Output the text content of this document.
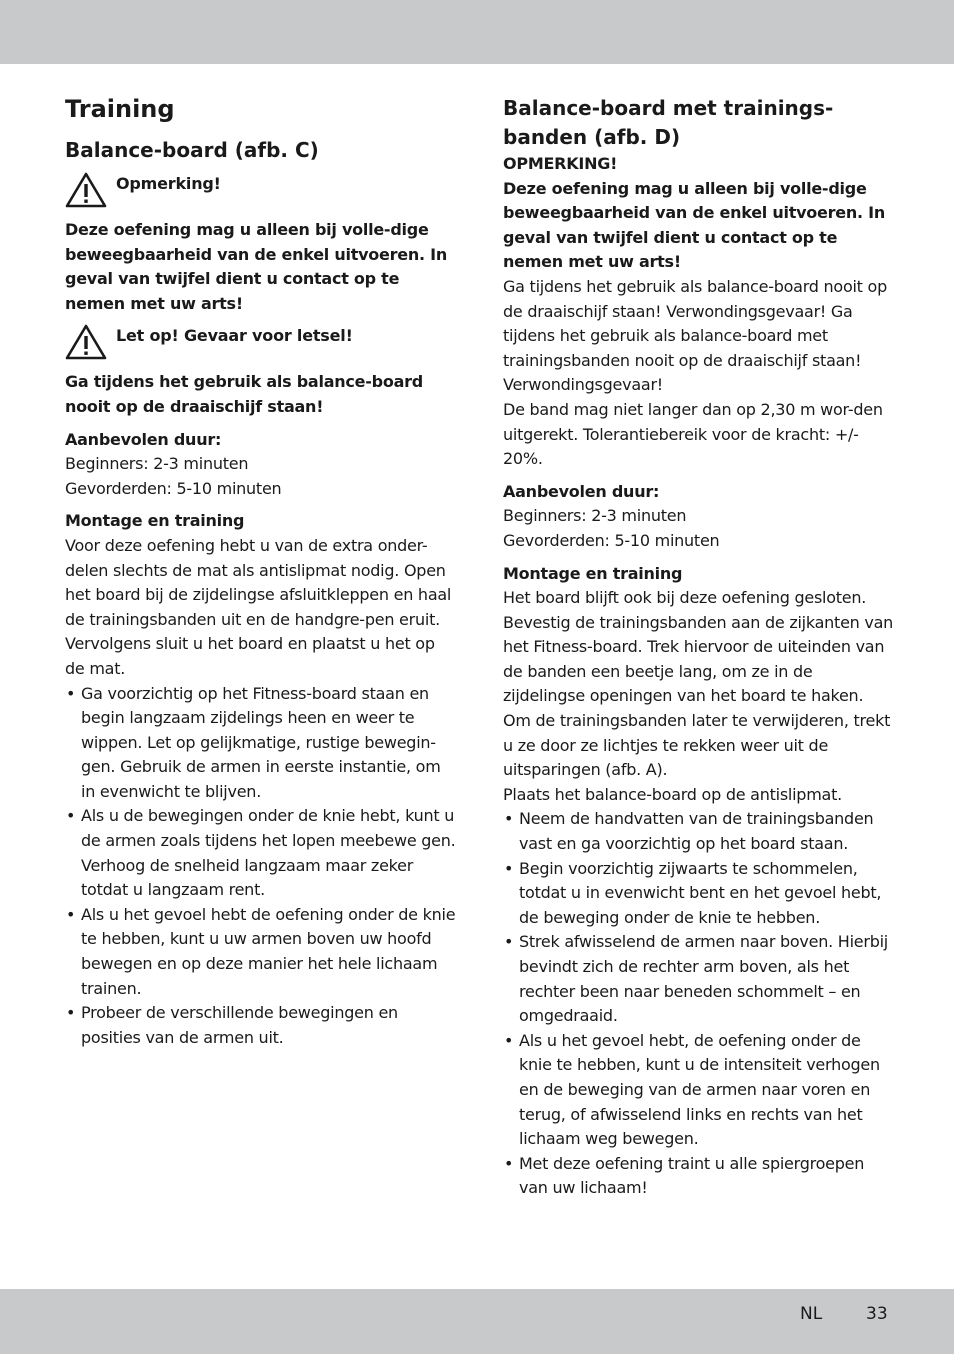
Training
Balance-board (afb. C)
Opmerking!

Deze oefening mag u alleen bij volle-dige beweegbaarheid van de enkel uitvoeren. In geval van twijfel dient u contact op te nemen met uw arts!

Let op! Gevaar voor letsel!

Ga tijdens het gebruik als balance-board nooit op de draaischijf staan!

Aanbevolen duur:

Beginners: 2-3 minuten

Gevorderden: 5-10 minuten

Montage en training

Voor deze oefening hebt u van de extra onder-delen slechts de mat als antislipmat nodig. Open het board bij de zijdelingse afsluitkleppen en haal de trainingsbanden uit en de handgre-pen eruit. Vervolgens sluit u het board en plaatst u het op de mat.

• Ga voorzichtig op het Fitness-board staan en begin langzaam zijdelings heen en weer te wippen. Let op gelijkmatige, rustige bewegin-gen. Gebruik de armen in eerste instantie, om in evenwicht te blijven.
• Als u de bewegingen onder de knie hebt, kunt u de armen zoals tijdens het lopen meebewe gen. Verhoog de snelheid langzaam maar zeker totdat u langzaam rent.
• Als u het gevoel hebt de oefening onder de knie te hebben, kunt u uw armen boven uw hoofd bewegen en op deze manier het hele lichaam trainen.
• Probeer de verschillende bewegingen en posities van de armen uit.
Balance-board met trainings-banden (afb. D)

OPMERKING!

Deze oefening mag u alleen bij volle-dige beweegbaarheid van de enkel uitvoeren. In geval van twijfel dient u contact op te nemen met uw arts!

Ga tijdens het gebruik als balance-board nooit op de draaischijf staan! Verwondingsgevaar! Ga tijdens het gebruik als balance-board met trainingsbanden nooit op de draaischijf staan! Verwondingsgevaar!

De band mag niet langer dan op 2,30 m wor-den uitgerekt. Tolerantiebereik voor de kracht: +/- 20%.

Aanbevolen duur:

Beginners: 2-3 minuten

Gevorderden: 5-10 minuten

Montage en training

Het board blijft ook bij deze oefening gesloten. Bevestig de trainingsbanden aan de zijkanten van het Fitness-board. Trek hiervoor de uiteinden van de banden een beetje lang, om ze in de zijdelingse openingen van het board te haken. Om de trainingsbanden later te verwijderen, trekt u ze door ze lichtjes te rekken weer uit de uitsparingen (afb. A).

Plaats het balance-board op de antislipmat.

• Neem de handvatten van de trainingsbanden vast en ga voorzichtig op het board staan.
• Begin voorzichtig zijwaarts te schommelen, totdat u in evenwicht bent en het gevoel hebt, de beweging onder de knie te hebben.
• Strek afwisselend de armen naar boven. Hierbij bevindt zich de rechter arm boven, als het rechter been naar beneden schommelt – en omgedraaid.
• Als u het gevoel hebt, de oefening onder de knie te hebben, kunt u de intensiteit verhogen en de beweging van de armen naar voren en terug, of afwisselend links en rechts van het lichaam weg bewegen.
• Met deze oefening traint u alle spiergroepen van uw lichaam!
NL	33
